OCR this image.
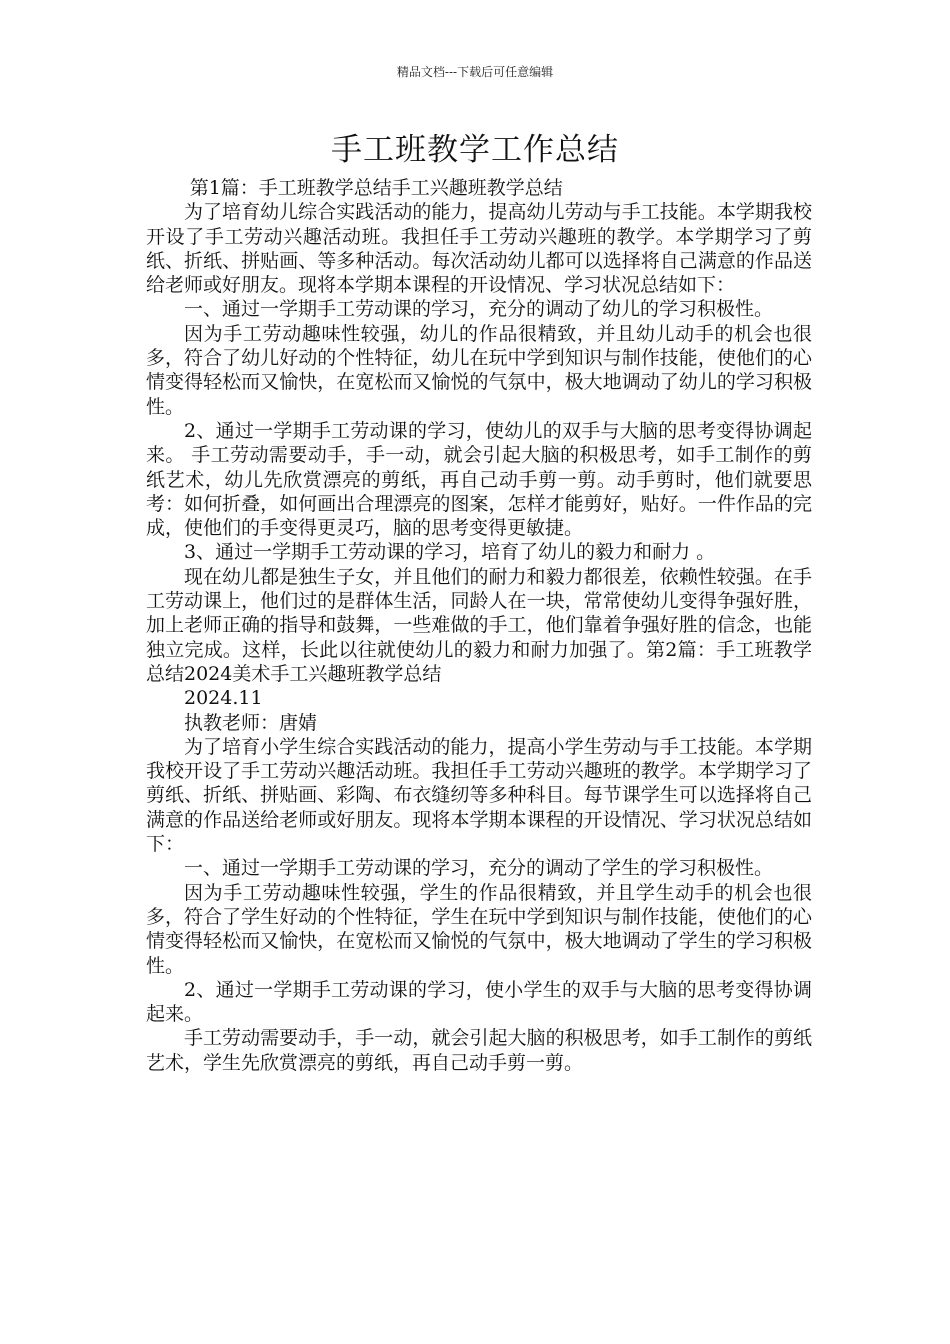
精品文档---下载后可任意编辑
手工班教学工作总结

第1篇：手工班教学总结手工兴趣班教学总结

为了培育幼儿综合实践活动的能力，提高幼儿劳动与手工技能。本学期我校开设了手工劳动兴趣活动班。我担任手工劳动兴趣班的教学。本学期学习了剪纸、折纸、拼贴画、等多种活动。每次活动幼儿都可以选择将自己满意的作品送给老师或好朋友。现将本学期本课程的开设情况、学习状况总结如下：

一、通过一学期手工劳动课的学习，充分的调动了幼儿的学习积极性。

因为手工劳动趣味性较强，幼儿的作品很精致，并且幼儿动手的机会也很多，符合了幼儿好动的个性特征，幼儿在玩中学到知识与制作技能，使他们的心情变得轻松而又愉快，在宽松而又愉悦的气氛中，极大地调动了幼儿的学习积极性。

2、通过一学期手工劳动课的学习，使幼儿的双手与大脑的思考变得协调起来。 手工劳动需要动手，手一动，就会引起大脑的积极思考，如手工制作的剪纸艺术，幼儿先欣赏漂亮的剪纸，再自己动手剪一剪。动手剪时，他们就要思考：如何折叠，如何画出合理漂亮的图案，怎样才能剪好，贴好。一件作品的完成，使他们的手变得更灵巧，脑的思考变得更敏捷。

3、通过一学期手工劳动课的学习，培育了幼儿的毅力和耐力 。

现在幼儿都是独生子女，并且他们的耐力和毅力都很差，依赖性较强。在手工劳动课上，他们过的是群体生活，同龄人在一块，常常使幼儿变得争强好胜，加上老师正确的指导和鼓舞，一些难做的手工，他们靠着争强好胜的信念，也能独立完成。这样，长此以往就使幼儿的毅力和耐力加强了。第2篇：手工班教学总结2024美术手工兴趣班教学总结

2024.11

执教老师：唐婧

为了培育小学生综合实践活动的能力，提高小学生劳动与手工技能。本学期我校开设了手工劳动兴趣活动班。我担任手工劳动兴趣班的教学。本学期学习了剪纸、折纸、拼贴画、彩陶、布衣缝纫等多种科目。每节课学生可以选择将自己满意的作品送给老师或好朋友。现将本学期本课程的开设情况、学习状况总结如下：

一、通过一学期手工劳动课的学习，充分的调动了学生的学习积极性。

因为手工劳动趣味性较强，学生的作品很精致，并且学生动手的机会也很多，符合了学生好动的个性特征，学生在玩中学到知识与制作技能，使他们的心情变得轻松而又愉快，在宽松而又愉悦的气氛中，极大地调动了学生的学习积极性。

2、通过一学期手工劳动课的学习，使小学生的双手与大脑的思考变得协调起来。

手工劳动需要动手，手一动，就会引起大脑的积极思考，如手工制作的剪纸艺术，学生先欣赏漂亮的剪纸，再自己动手剪一剪。
